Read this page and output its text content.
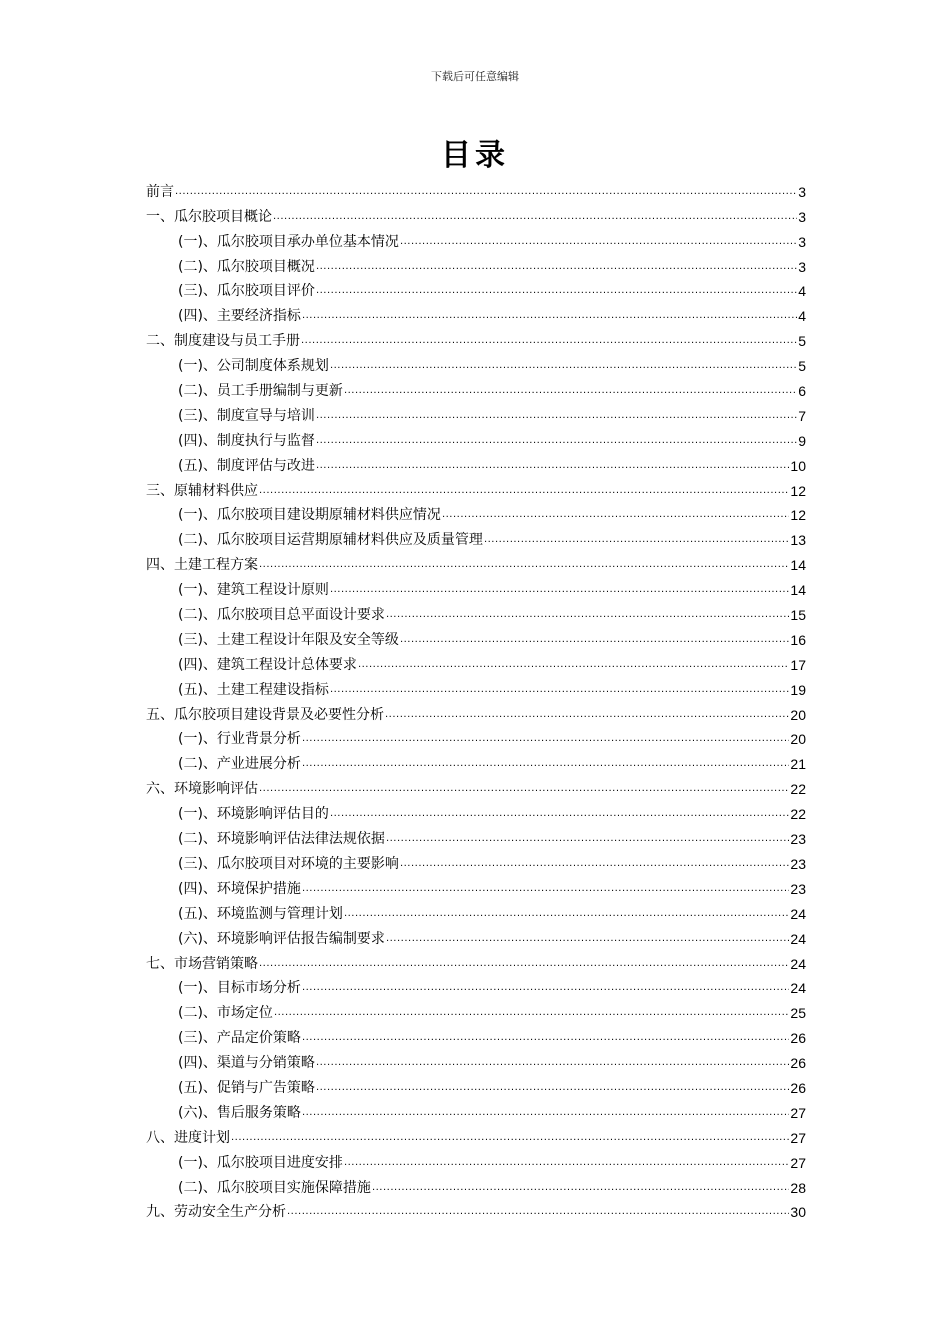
下载后可任意编辑
目录
前言 .....	3
一、瓜尔胶项目概论 .....	3
(一)、瓜尔胶项目承办单位基本情况 .....	3
(二)、瓜尔胶项目概况 .....	3
(三)、瓜尔胶项目评价 .....	4
(四)、主要经济指标 .....	4
二、制度建设与员工手册 .....	5
(一)、公司制度体系规划 .....	5
(二)、员工手册编制与更新 .....	6
(三)、制度宣导与培训 .....	7
(四)、制度执行与监督 .....	9
(五)、制度评估与改进 .....	10
三、原辅材料供应 .....	12
(一)、瓜尔胶项目建设期原辅材料供应情况 .....	12
(二)、瓜尔胶项目运营期原辅材料供应及质量管理 .....	13
四、土建工程方案 .....	14
(一)、建筑工程设计原则 .....	14
(二)、瓜尔胶项目总平面设计要求 .....	15
(三)、土建工程设计年限及安全等级 .....	16
(四)、建筑工程设计总体要求 .....	17
(五)、土建工程建设指标 .....	19
五、瓜尔胶项目建设背景及必要性分析 .....	20
(一)、行业背景分析 .....	20
(二)、产业进展分析 .....	21
六、环境影响评估 .....	22
(一)、环境影响评估目的 .....	22
(二)、环境影响评估法律法规依据 .....	23
(三)、瓜尔胶项目对环境的主要影响 .....	23
(四)、环境保护措施 .....	23
(五)、环境监测与管理计划 .....	24
(六)、环境影响评估报告编制要求 .....	24
七、市场营销策略 .....	24
(一)、目标市场分析 .....	24
(二)、市场定位 .....	25
(三)、产品定价策略 .....	26
(四)、渠道与分销策略 .....	26
(五)、促销与广告策略 .....	26
(六)、售后服务策略 .....	27
八、进度计划 .....	27
(一)、瓜尔胶项目进度安排 .....	27
(二)、瓜尔胶项目实施保障措施 .....	28
九、劳动安全生产分析 .....	30
